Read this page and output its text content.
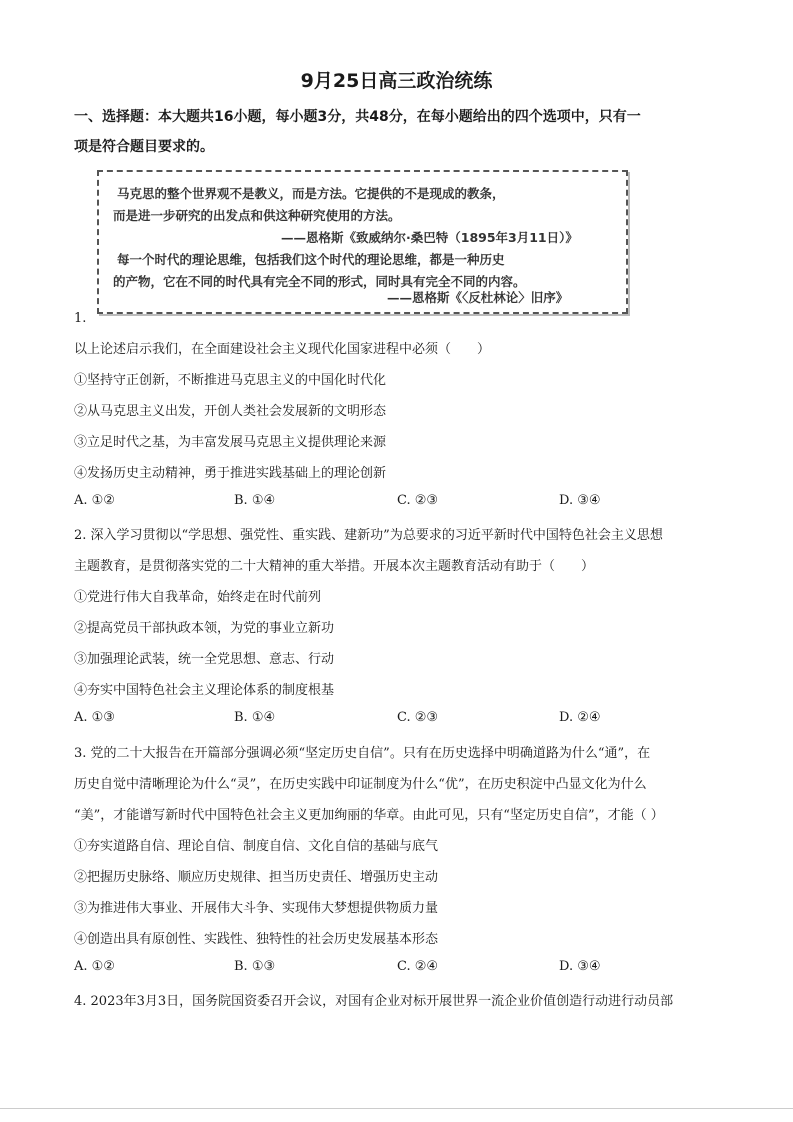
9月25日高三政治统练
一、选择题：本大题共16小题，每小题3分，共48分，在每小题给出的四个选项中，只有一
项是符合题目要求的。
马克思的整个世界观不是教义，而是方法。它提供的不是现成的教条，
而是进一步研究的出发点和供这种研究使用的方法。
——恩格斯《致威纳尔·桑巴特（1895年3月11日）》
每一个时代的理论思维，包括我们这个时代的理论思维，都是一种历史
的产物，它在不同的时代具有完全不同的形式，同时具有完全不同的内容。
——恩格斯《〈反杜林论〉旧序》
1.
以上论述启示我们，在全面建设社会主义现代化国家进程中必须（　　）
①坚持守正创新，不断推进马克思主义的中国化时代化
②从马克思主义出发，开创人类社会发展新的文明形态
③立足时代之基，为丰富发展马克思主义提供理论来源
④发扬历史主动精神，勇于推进实践基础上的理论创新
A. ①②	B. ①④	C. ②③	D. ③④
2. 深入学习贯彻以“学思想、强党性、重实践、建新功”为总要求的习近平新时代中国特色社会主义思想
主题教育，是贯彻落实党的二十大精神的重大举措。开展本次主题教育活动有助于（　　）
①党进行伟大自我革命，始终走在时代前列
②提高党员干部执政本领，为党的事业立新功
③加强理论武装，统一全党思想、意志、行动
④夯实中国特色社会主义理论体系的制度根基
A. ①③	B. ①④	C. ②③	D. ②④
3. 党的二十大报告在开篇部分强调必须“坚定历史自信”。只有在历史选择中明确道路为什么“通”，在
历史自觉中清晰理论为什么“灵”，在历史实践中印证制度为什么“优”，在历史积淀中凸显文化为什么
“美”，才能谱写新时代中国特色社会主义更加绚丽的华章。由此可见，只有“坚定历史自信”，才能（ ）
①夯实道路自信、理论自信、制度自信、文化自信的基础与底气
②把握历史脉络、顺应历史规律、担当历史责任、增强历史主动
③为推进伟大事业、开展伟大斗争、实现伟大梦想提供物质力量
④创造出具有原创性、实践性、独特性的社会历史发展基本形态
A. ①②	B. ①③	C. ②④	D. ③④
4. 2023年3月3日，国务院国资委召开会议，对国有企业对标开展世界一流企业价值创造行动进行动员部
